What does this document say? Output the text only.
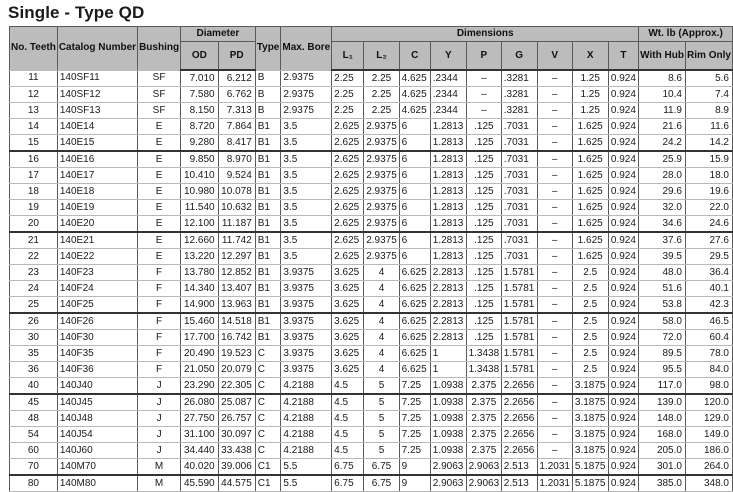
Single - Type QD
No. Teeth	Catalog Number	Bushing	Diameter		Type	Max. Bore	Dimensions									Wt. lb (Approx.)	
			OD	PD			L₁	L₂	C	Y	P	G	V	X	T	With Hub	Rim Only
11	140SF11	SF	7.010	6.212	B	2.9375	2.25	2.25	4.625	.2344	–	.3281	–	1.25	0.924	8.6	5.6
12	140SF12	SF	7.580	6.762	B	2.9375	2.25	2.25	4.625	.2344	–	.3281	–	1.25	0.924	10.4	7.4
13	140SF13	SF	8.150	7.313	B	2.9375	2.25	2.25	4.625	.2344	–	.3281	–	1.25	0.924	11.9	8.9
14	140E14	E	8.720	7.864	B1	3.5	2.625	2.9375	6	1.2813	.125	.7031	–	1.625	0.924	21.6	11.6
15	140E15	E	9.280	8.417	B1	3.5	2.625	2.9375	6	1.2813	.125	.7031	–	1.625	0.924	24.2	14.2
16	140E16	E	9.850	8.970	B1	3.5	2.625	2.9375	6	1.2813	.125	.7031	–	1.625	0.924	25.9	15.9
17	140E17	E	10.410	9.524	B1	3.5	2.625	2.9375	6	1.2813	.125	.7031	–	1.625	0.924	28.0	18.0
18	140E18	E	10.980	10.078	B1	3.5	2.625	2.9375	6	1.2813	.125	.7031	–	1.625	0.924	29.6	19.6
19	140E19	E	11.540	10.632	B1	3.5	2.625	2.9375	6	1.2813	.125	.7031	–	1.625	0.924	32.0	22.0
20	140E20	E	12.100	11.187	B1	3.5	2.625	2.9375	6	1.2813	.125	.7031	–	1.625	0.924	34.6	24.6
21	140E21	E	12.660	11.742	B1	3.5	2.625	2.9375	6	1.2813	.125	.7031	–	1.625	0.924	37.6	27.6
22	140E22	E	13.220	12.297	B1	3.5	2.625	2.9375	6	1.2813	.125	.7031	–	1.625	0.924	39.5	29.5
23	140F23	F	13.780	12.852	B1	3.9375	3.625	4	6.625	2.2813	.125	1.5781	–	2.5	0.924	48.0	36.4
24	140F24	F	14.340	13.407	B1	3.9375	3.625	4	6.625	2.2813	.125	1.5781	–	2.5	0.924	51.6	40.1
25	140F25	F	14.900	13.963	B1	3.9375	3.625	4	6.625	2.2813	.125	1.5781	–	2.5	0.924	53.8	42.3
26	140F26	F	15.460	14.518	B1	3.9375	3.625	4	6.625	2.2813	.125	1.5781	–	2.5	0.924	58.0	46.5
30	140F30	F	17.700	16.742	B1	3.9375	3.625	4	6.625	2.2813	.125	1.5781	–	2.5	0.924	72.0	60.4
35	140F35	F	20.490	19.523	C	3.9375	3.625	4	6.625	1	1.3438	1.5781	–	2.5	0.924	89.5	78.0
36	140F36	F	21.050	20.079	C	3.9375	3.625	4	6.625	1	1.3438	1.5781	–	2.5	0.924	95.5	84.0
40	140J40	J	23.290	22.305	C	4.2188	4.5	5	7.25	1.0938	2.375	2.2656	–	3.1875	0.924	117.0	98.0
45	140J45	J	26.080	25.087	C	4.2188	4.5	5	7.25	1.0938	2.375	2.2656	–	3.1875	0.924	139.0	120.0
48	140J48	J	27.750	26.757	C	4.2188	4.5	5	7.25	1.0938	2.375	2.2656	–	3.1875	0.924	148.0	129.0
54	140J54	J	31.100	30.097	C	4.2188	4.5	5	7.25	1.0938	2.375	2.2656	–	3.1875	0.924	168.0	149.0
60	140J60	J	34.440	33.438	C	4.2188	4.5	5	7.25	1.0938	2.375	2.2656	–	3.1875	0.924	205.0	186.0
70	140M70	M	40.020	39.006	C1	5.5	6.75	6.75	9	2.9063	2.9063	2.513	1.2031	5.1875	0.924	301.0	264.0
80	140M80	M	45.590	44.575	C1	5.5	6.75	6.75	9	2.9063	2.9063	2.513	1.2031	5.1875	0.924	385.0	348.0
